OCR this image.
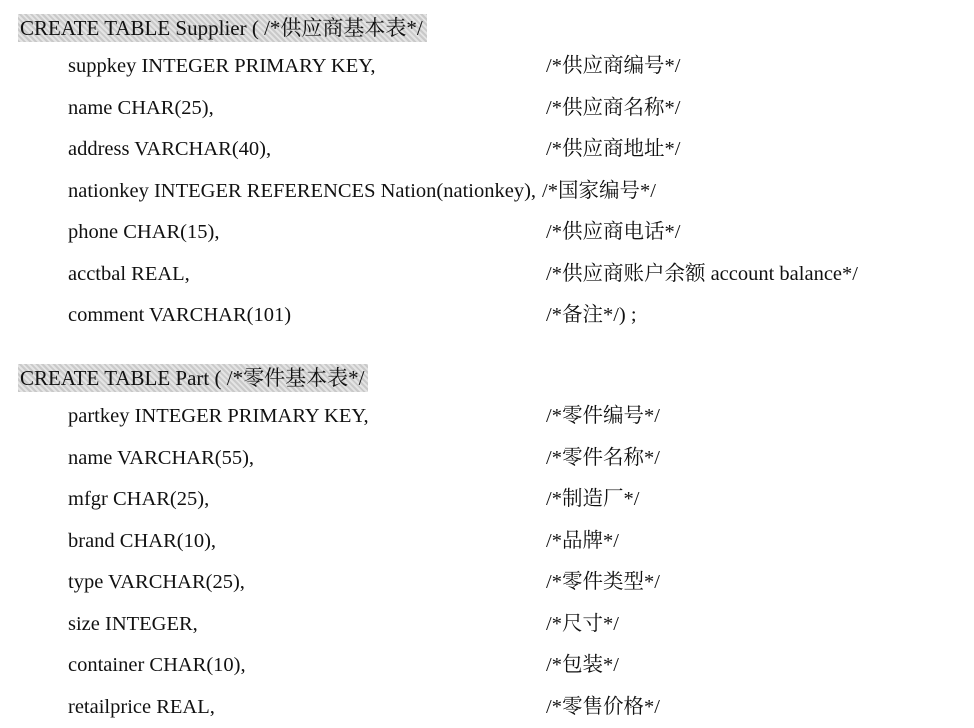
CREATE TABLE Supplier ( /*供应商基本表*/
suppkey INTEGER PRIMARY KEY,	/*供应商编号*/
name CHAR(25),	/*供应商名称*/
address VARCHAR(40),	/*供应商地址*/
nationkey INTEGER REFERENCES Nation(nationkey), /*国家编号*/
phone CHAR(15),	/*供应商电话*/
acctbal REAL,	/*供应商账户余额 account balance*/
comment VARCHAR(101)	/*备注*/) ;
CREATE TABLE Part ( /*零件基本表*/
partkey INTEGER PRIMARY KEY,	/*零件编号*/
name VARCHAR(55),	/*零件名称*/
mfgr CHAR(25),	/*制造厂*/
brand CHAR(10),	/*品牌*/
type VARCHAR(25),	/*零件类型*/
size INTEGER,	/*尺寸*/
container CHAR(10),	/*包装*/
retailprice REAL,	/*零售价格*/
